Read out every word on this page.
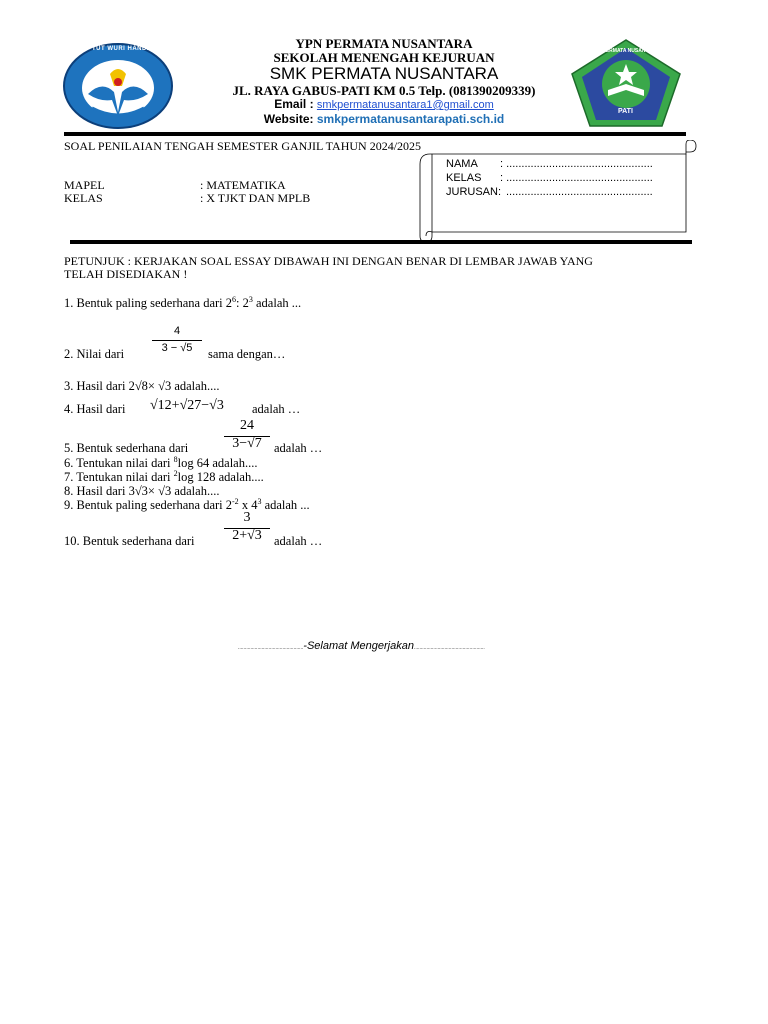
TUT WURI HANDAYANI	SMK PERMATA NUSANTARA GABUS
PATI
YPN PERMATA NUSANTARA
SEKOLAH MENENGAH KEJURUAN
SMK PERMATA NUSANTARA
JL. RAYA GABUS-PATI KM 0.5 Telp. (081390209339)
Email : smkpermatanusantara1@gmail.com
Website: smkpermatanusantarapati.sch.id
SOAL PENILAIAN TENGAH SEMESTER GANJIL TAHUN 2024/2025
MAPEL	: MATEMATIKA
KELAS	: X TJKT DAN MPLB
NAMA : ................................................
KELAS : ................................................
JURUSAN: ................................................
PETUNJUK : KERJAKAN SOAL ESSAY DIBAWAH INI DENGAN BENAR DI LEMBAR JAWAB YANG
TELAH DISEDIAKAN !
1. Bentuk paling sederhana dari $2^6$: $2^3$ adalah ...
2. Nilai dari
4
3 − √5	sama dengan…
3. Hasil dari 2√8× √3 adalah....
4. Hasil dari √12+√27−√3 adalah …
5. Bentuk sederhana dari
24
3−√7 adalah …
6. Tentukan nilai dari $^8$log 64 adalah....
7. Tentukan nilai dari $^2$log 128 adalah....
8. Hasil dari 3√3× √3 adalah....
9. Bentuk paling sederhana dari $2^{-2}$ x $4^3$ adalah ...
10. Bentuk sederhana dari
3
2+√3 adalah …
...............................................-Selamat Mengerjakan...................................................
